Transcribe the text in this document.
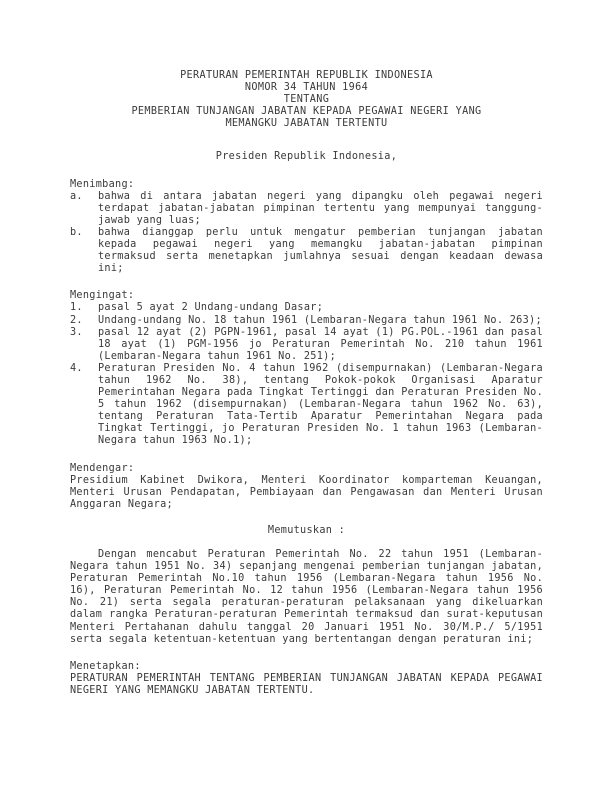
PERATURAN PEMERINTAH REPUBLIK INDONESIA
NOMOR 34 TAHUN 1964
TENTANG
PEMBERIAN TUNJANGAN JABATAN KEPADA PEGAWAI NEGERI YANG
MEMANGKU JABATAN TERTENTU
Presiden Republik Indonesia,
Menimbang:
a. bahwa di antara jabatan negeri yang dipangku oleh pegawai negeri terdapat jabatan-jabatan pimpinan tertentu yang mempunyai tanggung-jawab yang luas;
b. bahwa dianggap perlu untuk mengatur pemberian tunjangan jabatan kepada pegawai negeri yang memangku jabatan-jabatan pimpinan termaksud serta menetapkan jumlahnya sesuai dengan keadaan dewasa ini;
Mengingat:
1. pasal 5 ayat 2 Undang-undang Dasar;
2. Undang-undang No. 18 tahun 1961 (Lembaran-Negara tahun 1961 No. 263);
3. pasal 12 ayat (2) PGPN-1961, pasal 14 ayat (1) PG.POL.-1961 dan pasal 18 ayat (1) PGM-1956 jo Peraturan Pemerintah No. 210 tahun 1961 (Lembaran-Negara tahun 1961 No. 251);
4. Peraturan Presiden No. 4 tahun 1962 (disempurnakan) (Lembaran-Negara tahun 1962 No. 38), tentang Pokok-pokok Organisasi Aparatur Pemerintahan Negara pada Tingkat Tertinggi dan Peraturan Presiden No. 5 tahun 1962 (disempurnakan) (Lembaran-Negara tahun 1962 No. 63), tentang Peraturan Tata-Tertib Aparatur Pemerintahan Negara pada Tingkat Tertinggi, jo Peraturan Presiden No. 1 tahun 1963 (Lembaran-Negara tahun 1963 No.1);
Mendengar:
Presidium Kabinet Dwikora, Menteri Koordinator komparteman Keuangan, Menteri Urusan Pendapatan, Pembiayaan dan Pengawasan dan Menteri Urusan Anggaran Negara;
Memutuskan :
Dengan mencabut Peraturan Pemerintah No. 22 tahun 1951 (Lembaran-Negara tahun 1951 No. 34) sepanjang mengenai pemberian tunjangan jabatan, Peraturan Pemerintah No.10 tahun 1956 (Lembaran-Negara tahun 1956 No. 16), Peraturan Pemerintah No. 12 tahun 1956 (Lembaran-Negara tahun 1956 No. 21) serta segala peraturan-peraturan pelaksanaan yang dikeluarkan dalam rangka Peraturan-peraturan Pemerintah termaksud dan surat-keputusan Menteri Pertahanan dahulu tanggal 20 Januari 1951 No. 30/M.P./ 5/1951 serta segala ketentuan-ketentuan yang bertentangan dengan peraturan ini;
Menetapkan:
PERATURAN PEMERINTAH TENTANG PEMBERIAN TUNJANGAN JABATAN KEPADA PEGAWAI NEGERI YANG MEMANGKU JABATAN TERTENTU.
